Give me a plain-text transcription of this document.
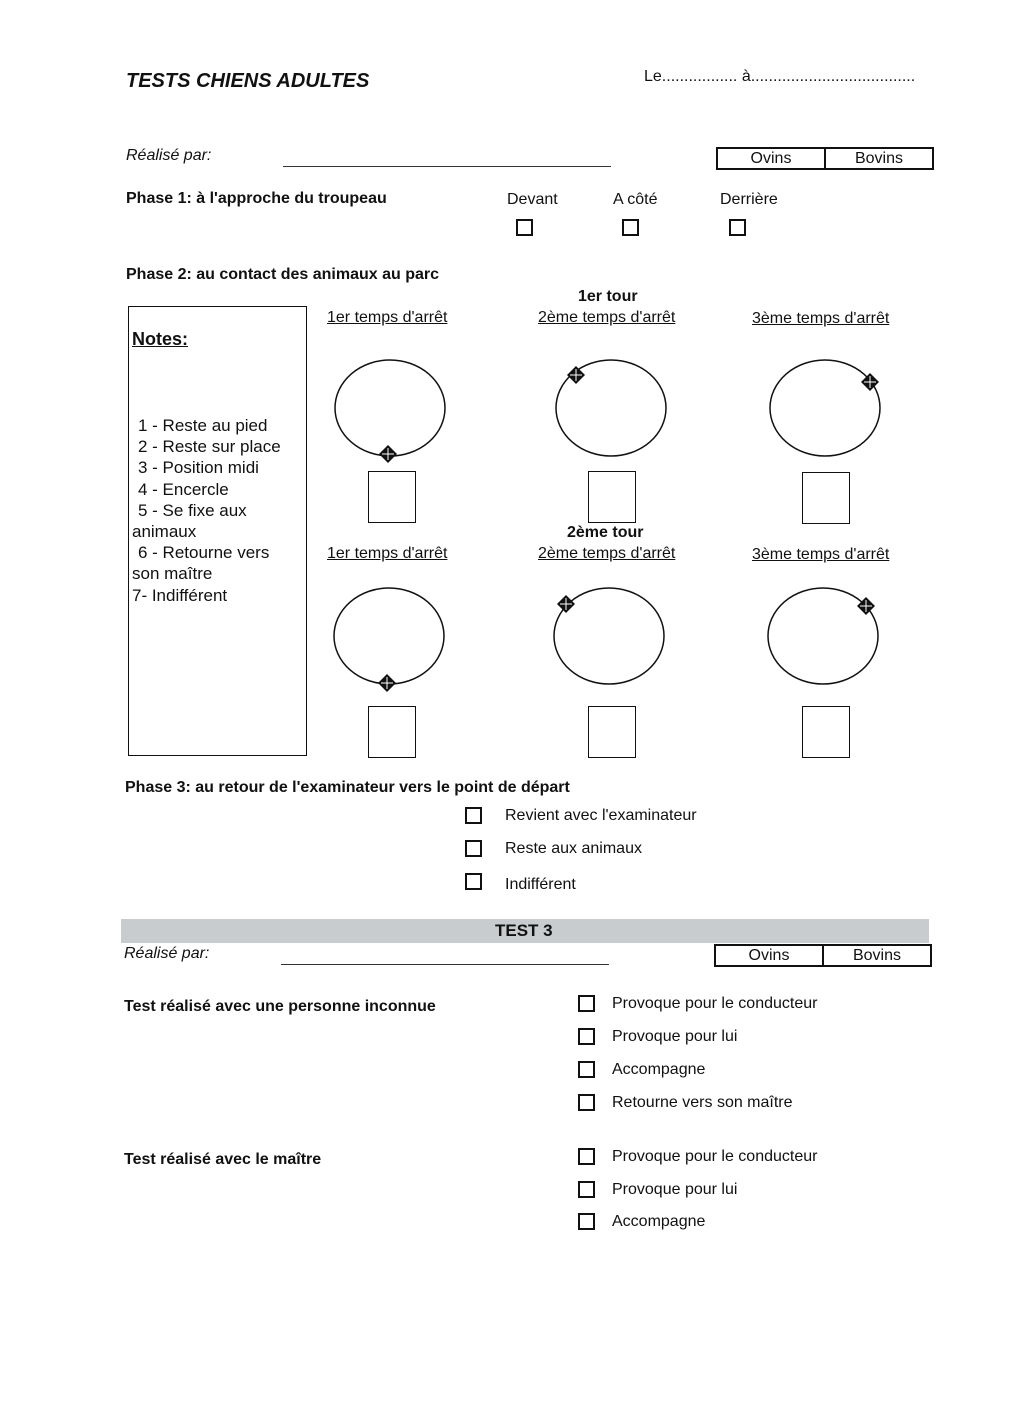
TESTS CHIENS ADULTES	Le................. à.....................................
Réalisé par:	Ovins	Bovins
Phase 1: à l'approche du troupeau	Devant	A côté	Derrière
Phase 2: au contact des animaux au parc
Notes:
1 - Reste au pied
2 - Reste sur place
3 - Position midi
4 - Encercle
5 - Se fixe aux
animaux
6 - Retourne vers
son maître
7- Indifférent
1er tour
2ème tour
1er temps d'arrêt	2ème temps d'arrêt	3ème temps d'arrêt
1er temps d'arrêt	2ème temps d'arrêt	3ème temps d'arrêt
Phase 3: au retour de l'examinateur vers le point de départ
Revient avec l'examinateur
Reste aux animaux
Indifférent
TEST 3
Réalisé par:	Ovins	Bovins
Test réalisé avec une personne inconnue	Provoque pour le conducteur
Provoque pour lui
Accompagne
Retourne vers son maître
Test réalisé avec le maître	Provoque pour le conducteur
Provoque pour lui
Accompagne
